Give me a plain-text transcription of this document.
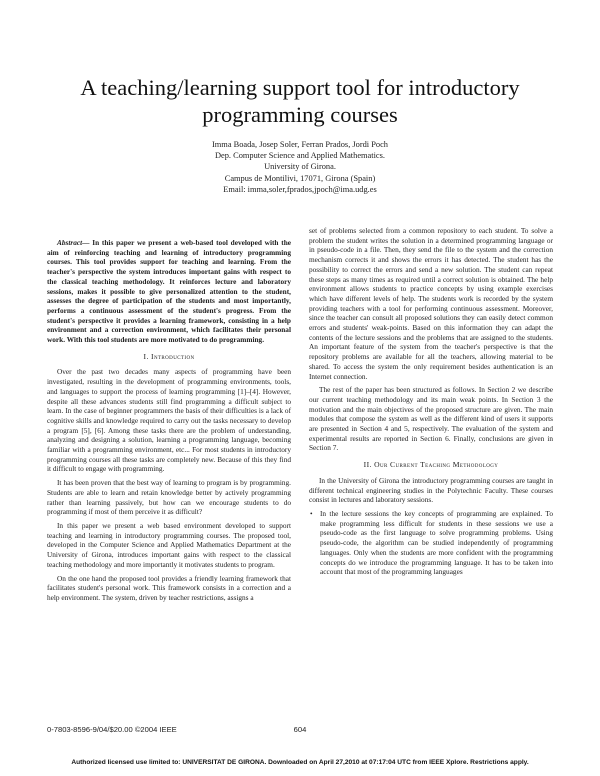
A teaching/learning support tool for introductory
programming courses
Imma Boada, Josep Soler, Ferran Prados, Jordi Poch
Dep. Computer Science and Applied Mathematics.
University of Girona.
Campus de Montilivi, 17071, Girona (Spain)
Email: imma,soler,fprados,jpoch@ima.udg.es

Abstract— In this paper we present a web-based tool developed with the aim of reinforcing teaching and learning of introductory programming courses. This tool provides support for teaching and learning. From the teacher's perspective the system introduces important gains with respect to the classical teaching methodology. It reinforces lecture and laboratory sessions, makes it possible to give personalized attention to the student, assesses the degree of participation of the students and most importantly, performs a continuous assessment of the student's progress. From the student's perspective it provides a learning framework, consisting in a help environment and a correction environment, which facilitates their personal work. With this tool students are more motivated to do programming.

I. Introduction

Over the past two decades many aspects of programming have been investigated, resulting in the development of programming environments, tools, and languages to support the process of learning programming [1]–[4]. However, despite all these advances students still find programming a difficult subject to learn. In the case of beginner programmers the basis of their difficulties is a lack of cognitive skills and knowledge required to carry out the tasks necessary to develop a program [5], [6]. Among these tasks there are the problem of understanding, analyzing and designing a solution, learning a programming language, becoming familiar with a programming environment, etc... For most students in introductory programming courses all these tasks are completely new. Because of this they find it difficult to engage with programming.

It has been proven that the best way of learning to program is by programming. Students are able to learn and retain knowledge better by actively programming rather than learning passively, but how can we encourage students to do programming if most of them perceive it as difficult?

In this paper we present a web based environment developed to support teaching and learning in introductory programming courses. The proposed tool, developed in the Computer Science and Applied Mathematics Department at the University of Girona, introduces important gains with respect to the classical teaching methodology and more importantly it motivates students to program.

On the one hand the proposed tool provides a friendly learning framework that facilitates student's personal work. This framework consists in a correction and a help environment. The system, driven by teacher restrictions, assigns a

set of problems selected from a common repository to each student. To solve a problem the student writes the solution in a determined programming language or in pseudo-code in a file. Then, they send the file to the system and the correction mechanism corrects it and shows the errors it has detected. The student has the possibility to correct the errors and send a new solution. The student can repeat these steps as many times as required until a correct solution is obtained. The help environment allows students to practice concepts by using example exercises which have different levels of help. The students work is recorded by the system providing teachers with a tool for performing continuous assessment. Moreover, since the teacher can consult all proposed solutions they can easily detect common errors and students' weak-points. Based on this information they can adapt the contents of the lecture sessions and the problems that are assigned to the students. An important feature of the system from the teacher's perspective is that the repository problems are available for all the teachers, allowing material to be shared. To access the system the only requirement besides authentication is an Internet connection.

The rest of the paper has been structured as follows. In Section 2 we describe our current teaching methodology and its main weak points. In Section 3 the motivation and the main objectives of the proposed structure are given. The main modules that compose the system as well as the different kind of users it supports are presented in Section 4 and 5, respectively. The evaluation of the system and experimental results are reported in Section 6. Finally, conclusions are given in Section 7.

II. Our Current Teaching Methodology

In the University of Girona the introductory programming courses are taught in different technical engineering studies in the Polytechnic Faculty. These courses consist in lectures and laboratory sessions.

• In the lecture sessions the key concepts of programming are explained. To make programming less difficult for students in these sessions we use a pseudo-code as the first language to solve programming problems. Using pseudo-code, the algorithm can be studied independently of programming languages. Only when the students are more confident with the programming concepts do we introduce the programming language. It has to be taken into account that most of the programming languages
0-7803-8596-9/04/$20.00 ©2004 IEEE	604
Authorized licensed use limited to: UNIVERSITAT DE GIRONA. Downloaded on April 27,2010 at 07:17:04 UTC from IEEE Xplore. Restrictions apply.
